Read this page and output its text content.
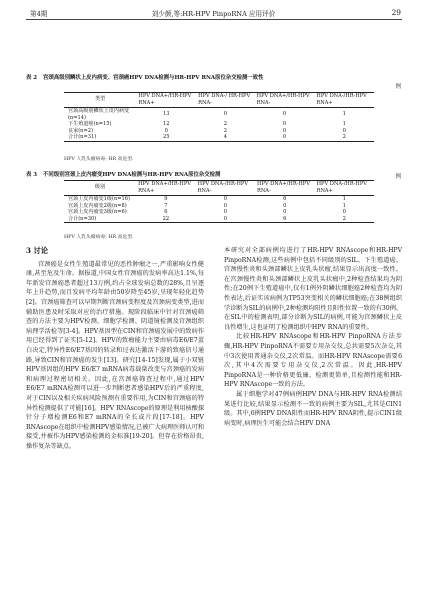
第4期	刘少颜,等:HR-HPV PinpoRNA 应用评价	29
表 2 宫颈高级别鳞状上皮内病变、宫颈癌HPV DNA检测与HR-HPV RNA原位杂交检测一致性
例

类型	HPV DNA+/HR-HPV RNA+	HPV DNA-/ HR-HPV RNA-	HPV DNA+/HR-HPV RNA-	HPV DNA-/HR-HPV RNA+
宫颈高级别鳞状上皮内病变(n=14)	13	0	0	1
下生殖道癌(n=15)	12	2	0	1
良家(n=2)	0	2	0	0
合计(n=31)	25	4	0	2

HPV 人乳头瘤病毒; HR 高危型.
表 3 不同级别宫颈上皮内瘤变HPV DNA检测与HR-HPV RNA原位杂交检测	例

级别	HPV DNA+/HR-HPV RNA+	HPV DNA-/HR-HPV RNA-	HPV DNA+/HR-HPV RNA-	HPV DNA-/HR-HPV RNA+
宫颈上皮内瘤变1级(n=16)	9	0	6	1
宫颈上皮内瘤变2级(n=8)	7	0	0	1
宫颈上皮内瘤变3级(n=6)	6	0	0	0
合计(n=30)	22	0	6	2

HPV 人乳头瘤病毒; HR 高危型.
3 讨论

宫颈癌是女性生殖道最常见的恶性肿瘤之一,严重影响女性健康,甚至危及生命。据报道,中国女性宫颈癌的发病率高达1.1%,每年新发宫颈癌患者超过13万例,约占全球发病总数的28%,且呈逐年上升趋势,而且发病平均年龄由50岁降至45岁,呈现年轻化趋势[2]。宫颈癌筛查可以早期判断宫颈病变程度及宫颈病变类型,进而辅助医患及时采取对应的治疗措施。现阶段临床中针对宫颈癌筛查的方法主要为HPV检测、细胞学检测、阴道镜检测及宫颈组织病理学活检等[3-4]。HPV基因型在CIN和宫颈癌发展中的致病作用已经得到了证实[5-12]。HPV的致瘤能力主要由病毒E6/E7蛋白决定,特异性E6/E7基因的转录和过表达激活下游的致癌信号通路,导致CIN和宫颈癌的发生[13]。研究[14-15]发现,属于小双链HPV基因组的HPV E6/E7 mRNA病毒载量改变与宫颈癌的发病和病理过程密切相关。因此,在宫颈癌筛查过程中,通过HPV E6/E7 mRNA检测可以进一步判断患者感染HPV后的严重程度,对于CIN以及相关疾病风险预测有重要作用,为CIN和宫颈癌的特异性检测提供了可能[16]。HPV RNAscope的原理是利用核酸探针分子增检测E6和E7 mRNA的全长或片段[17-18]。HPV RNAscope在组织中检测HPV感染情况,已被广大病理医师认可和接受,并被作为HPV感染检测的金标准[19-20]。但存在价格昂贵,操作复杂等缺点。

本研究对全部病例均进行了HR-HPV RNAscope和HR-HPV PinpoRNA检测,这些病例中包括不同级别的SIL、下生殖道癌、宫颈慢性炎和头颈部鳞状上皮乳头状瘤,结果显示出高度一致性。在宫颈慢性炎和头颈部鳞状上皮乳头状瘤中,2种检查结果均为阴性;在20例下生殖道癌中,仅有1例外阴鳞状细胞癌2种检查均为阴性表达,后证实该病例为TP53突变相关的鳞状细胞癌;在38例组织学诊断为SIL的病例中,2种检测均阳性且阳性位置一致的有30例。在SIL中的检测表明,部分诊断为SIL的病例,可能为宫颈鳞状上皮良性增生,这也证明了检测组织中HPV RNA的重要性。

比较HR-HPV RNAscope和HR-HPV PinpoRNA方法步骤,HR-HPV PinpoRNA不需要专用杂交仪,总共需要5次杂交,其中3次使用普通杂交仪,2次常温。而HR-HPV RNAscope需要6次,其中4次需要专用杂交仪,2次常温。因此,HR-HPV PinpoRNA是一种价格更低廉、检测更简单,且检测性能和HR-HPV RNAscope一致的方法。

属于细胞学对47例病例HPV DNA与HR-HPV RNA检测结果进行比较,结果显示检测不一致的病例主要为SIL,尤其是CIN1级。其中,6例HPV DNA阳性而HR-HPV RNA阴性,提示CIN1级病变时,病理医生可能会结合HPV DNA
